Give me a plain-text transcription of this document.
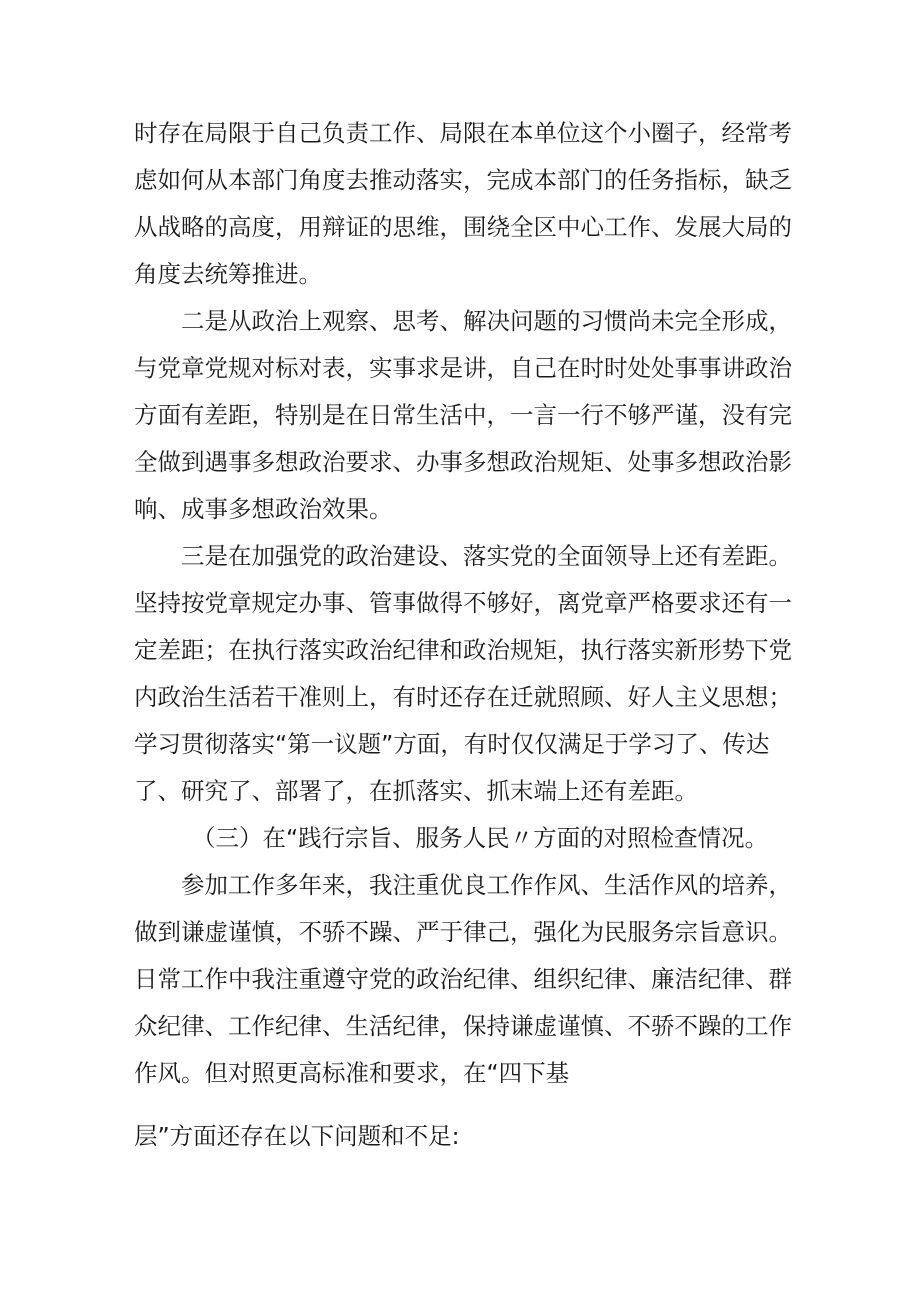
时存在局限于自己负责工作、局限在本单位这个小圈子，经常考
虑如何从本部门角度去推动落实，完成本部门的任务指标，缺乏
从战略的高度，用辩证的思维，围绕全区中心工作、发展大局的
角度去统筹推进。
二是从政治上观察、思考、解决问题的习惯尚未完全形成，
与党章党规对标对表，实事求是讲，自己在时时处处事事讲政治
方面有差距，特别是在日常生活中，一言一行不够严谨，没有完
全做到遇事多想政治要求、办事多想政治规矩、处事多想政治影
响、成事多想政治效果。
三是在加强党的政治建设、落实党的全面领导上还有差距。
坚持按党章规定办事、管事做得不够好，离党章严格要求还有一
定差距；在执行落实政治纪律和政治规矩，执行落实新形势下党
内政治生活若干准则上，有时还存在迁就照顾、好人主义思想；
学习贯彻落实“第一议题”方面，有时仅仅满足于学习了、传达
了、研究了、部署了，在抓落实、抓末端上还有差距。
（三）在“践行宗旨、服务人民〃方面的对照检查情况。
参加工作多年来，我注重优良工作作风、生活作风的培养，
做到谦虚谨慎，不骄不躁、严于律己，强化为民服务宗旨意识。
日常工作中我注重遵守党的政治纪律、组织纪律、廉洁纪律、群
众纪律、工作纪律、生活纪律，保持谦虚谨慎、不骄不躁的工作
作风。但对照更高标准和要求，在“四下基
层”方面还存在以下问题和不足:
